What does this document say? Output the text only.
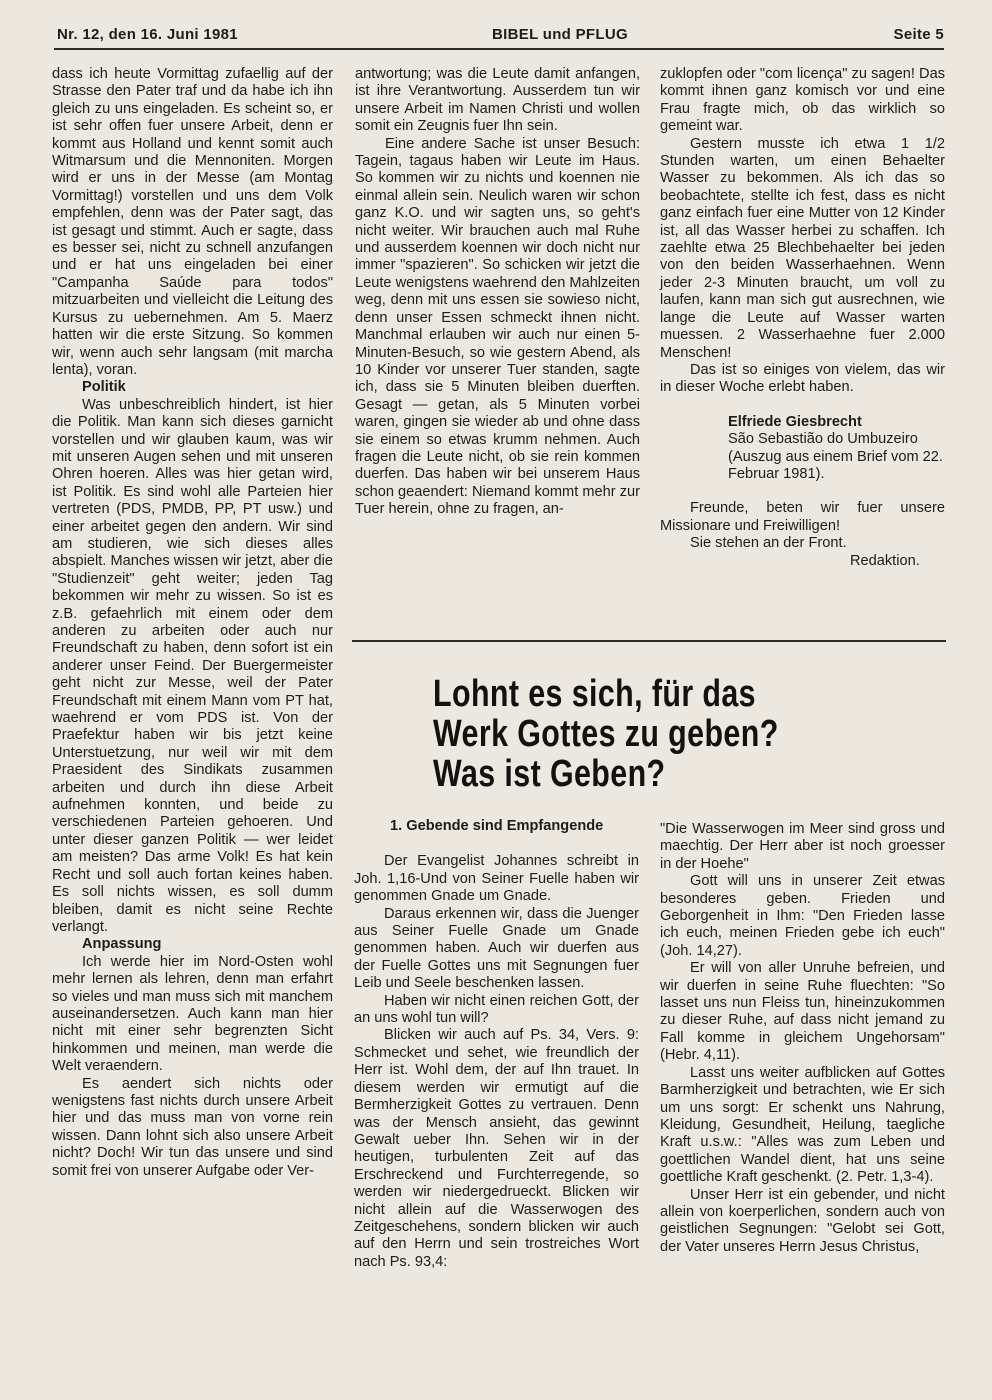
Nr. 12, den 16. Juni 1981	BIBEL und PFLUG	Seite 5

dass ich heute Vormittag zufaellig auf der Strasse den Pater traf und da habe ich ihn gleich zu uns eingeladen. Es scheint so, er ist sehr offen fuer unsere Arbeit, denn er kommt aus Holland und kennt somit auch Witmarsum und die Mennoniten. Morgen wird er uns in der Messe (am Montag Vormittag!) vorstellen und uns dem Volk empfehlen, denn was der Pater sagt, das ist gesagt und stimmt. Auch er sagte, dass es besser sei, nicht zu schnell anzufangen und er hat uns eingeladen bei einer "Campanha Saúde para todos" mitzuarbeiten und vielleicht die Leitung des Kursus zu uebernehmen. Am 5. Maerz hatten wir die erste Sitzung. So kommen wir, wenn auch sehr langsam (mit marcha lenta), voran.

Politik

Was unbeschreiblich hindert, ist hier die Politik. Man kann sich dieses garnicht vorstellen und wir glauben kaum, was wir mit unseren Augen sehen und mit unseren Ohren hoeren. Alles was hier getan wird, ist Politik. Es sind wohl alle Parteien hier vertreten (PDS, PMDB, PP, PT usw.) und einer arbeitet gegen den andern. Wir sind am studieren, wie sich dieses alles abspielt. Manches wissen wir jetzt, aber die "Studienzeit" geht weiter; jeden Tag bekommen wir mehr zu wissen. So ist es z.B. gefaehrlich mit einem oder dem anderen zu arbeiten oder auch nur Freundschaft zu haben, denn sofort ist ein anderer unser Feind. Der Buergermeister geht nicht zur Messe, weil der Pater Freundschaft mit einem Mann vom PT hat, waehrend er vom PDS ist. Von der Praefektur haben wir bis jetzt keine Unterstuetzung, nur weil wir mit dem Praesident des Sindikats zusammen arbeiten und durch ihn diese Arbeit aufnehmen konnten, und beide zu verschiedenen Parteien gehoeren. Und unter dieser ganzen Politik — wer leidet am meisten? Das arme Volk! Es hat kein Recht und soll auch fortan keines haben. Es soll nichts wissen, es soll dumm bleiben, damit es nicht seine Rechte verlangt.

Anpassung

Ich werde hier im Nord-Osten wohl mehr lernen als lehren, denn man erfahrt so vieles und man muss sich mit manchem auseinandersetzen. Auch kann man hier nicht mit einer sehr begrenzten Sicht hinkommen und meinen, man werde die Welt veraendern.

Es aendert sich nichts oder wenigstens fast nichts durch unsere Arbeit hier und das muss man von vorne rein wissen. Dann lohnt sich also unsere Arbeit nicht? Doch! Wir tun das unsere und sind somit frei von unserer Aufgabe oder Ver-

antwortung; was die Leute damit anfangen, ist ihre Verantwortung. Ausserdem tun wir unsere Arbeit im Namen Christi und wollen somit ein Zeugnis fuer Ihn sein.

Eine andere Sache ist unser Besuch: Tagein, tagaus haben wir Leute im Haus. So kommen wir zu nichts und koennen nie einmal allein sein. Neulich waren wir schon ganz K.O. und wir sagten uns, so geht's nicht weiter. Wir brauchen auch mal Ruhe und ausserdem koennen wir doch nicht nur immer "spazieren". So schicken wir jetzt die Leute wenigstens waehrend den Mahlzeiten weg, denn mit uns essen sie sowieso nicht, denn unser Essen schmeckt ihnen nicht. Manchmal erlauben wir auch nur einen 5-Minuten-Besuch, so wie gestern Abend, als 10 Kinder vor unserer Tuer standen, sagte ich, dass sie 5 Minuten bleiben duerften. Gesagt — getan, als 5 Minuten vorbei waren, gingen sie wieder ab und ohne dass sie einem so etwas krumm nehmen. Auch fragen die Leute nicht, ob sie rein kommen duerfen. Das haben wir bei unserem Haus schon geaendert: Niemand kommt mehr zur Tuer herein, ohne zu fragen, an-

zuklopfen oder "com licença" zu sagen! Das kommt ihnen ganz komisch vor und eine Frau fragte mich, ob das wirklich so gemeint war.

Gestern musste ich etwa 1 1/2 Stunden warten, um einen Behaelter Wasser zu bekommen. Als ich das so beobachtete, stellte ich fest, dass es nicht ganz einfach fuer eine Mutter von 12 Kinder ist, all das Wasser herbei zu schaffen. Ich zaehlte etwa 25 Blechbehaelter bei jeden von den beiden Wasserhaehnen. Wenn jeder 2-3 Minuten braucht, um voll zu laufen, kann man sich gut ausrechnen, wie lange die Leute auf Wasser warten muessen. 2 Wasserhaehne fuer 2.000 Menschen!

Das ist so einiges von vielem, das wir in dieser Woche erlebt haben.

Elfriede Giesbrecht
São Sebastião do Umbuzeiro
(Auszug aus einem Brief vom 22. Februar 1981).

Freunde, beten wir fuer unsere Missionare und Freiwilligen!

Sie stehen an der Front.

Redaktion.

Lohnt es sich, für das
Werk Gottes zu geben?
Was ist Geben?

1. Gebende sind Empfangende

Der Evangelist Johannes schreibt in Joh. 1,16-Und von Seiner Fuelle haben wir genommen Gnade um Gnade.

Daraus erkennen wir, dass die Juenger aus Seiner Fuelle Gnade um Gnade genommen haben. Auch wir duerfen aus der Fuelle Gottes uns mit Segnungen fuer Leib und Seele beschenken lassen.

Haben wir nicht einen reichen Gott, der an uns wohl tun will?

Blicken wir auch auf Ps. 34, Vers. 9: Schmecket und sehet, wie freundlich der Herr ist. Wohl dem, der auf Ihn trauet. In diesem werden wir ermutigt auf die Bermherzigkeit Gottes zu vertrauen. Denn was der Mensch ansieht, das gewinnt Gewalt ueber Ihn. Sehen wir in der heutigen, turbulenten Zeit auf das Erschreckend und Furchterregende, so werden wir niedergedrueckt. Blicken wir nicht allein auf die Wasserwogen des Zeitgeschehens, sondern blicken wir auch auf den Herrn und sein trostreiches Wort nach Ps. 93,4:

"Die Wasserwogen im Meer sind gross und maechtig. Der Herr aber ist noch groesser in der Hoehe"

Gott will uns in unserer Zeit etwas besonderes geben. Frieden und Geborgenheit in Ihm: "Den Frieden lasse ich euch, meinen Frieden gebe ich euch" (Joh. 14,27).

Er will von aller Unruhe befreien, und wir duerfen in seine Ruhe fluechten: "So lasset uns nun Fleiss tun, hineinzukommen zu dieser Ruhe, auf dass nicht jemand zu Fall komme in gleichem Ungehorsam" (Hebr. 4,11).

Lasst uns weiter aufblicken auf Gottes Barmherzigkeit und betrachten, wie Er sich um uns sorgt: Er schenkt uns Nahrung, Kleidung, Gesundheit, Heilung, taegliche Kraft u.s.w.: "Alles was zum Leben und goettlichen Wandel dient, hat uns seine goettliche Kraft geschenkt. (2. Petr. 1,3-4).

Unser Herr ist ein gebender, und nicht allein von koerperlichen, sondern auch von geistlichen Segnungen: "Gelobt sei Gott, der Vater unseres Herrn Jesus Christus,
